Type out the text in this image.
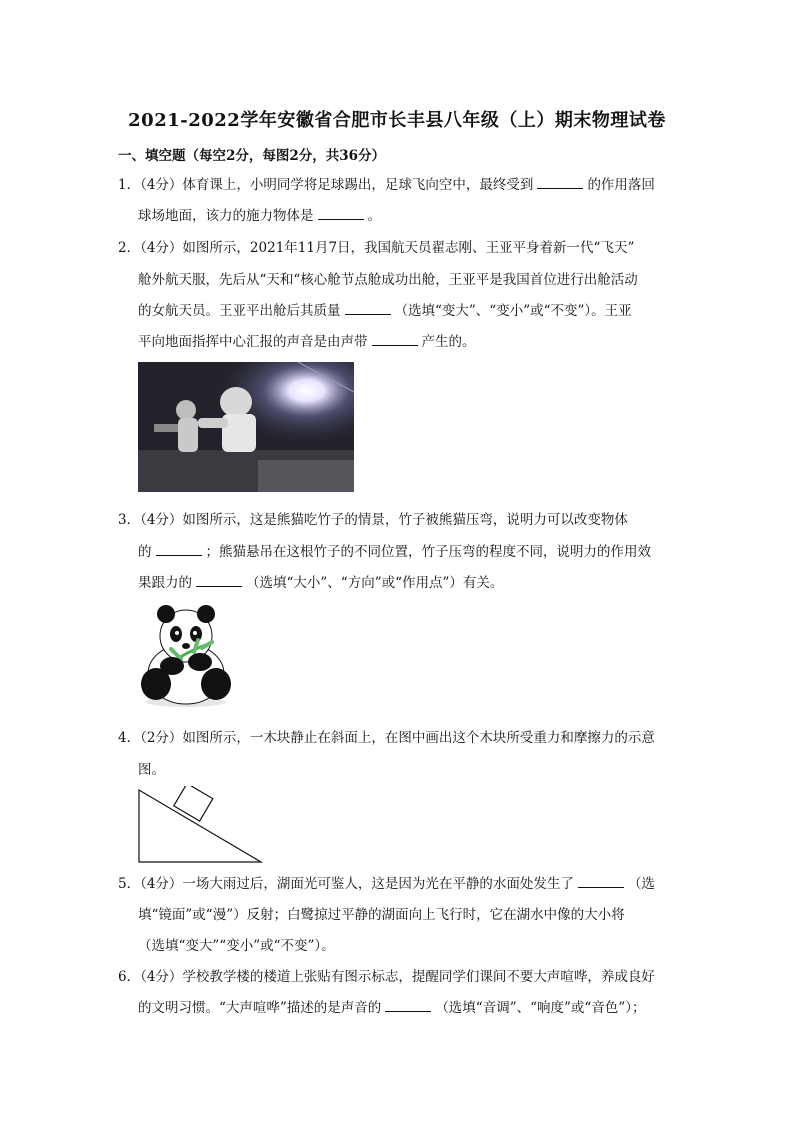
2021-2022学年安徽省合肥市长丰县八年级（上）期末物理试卷
一、填空题（每空2分，每图2分，共36分）
1．（4分）体育课上，小明同学将足球踢出，足球飞向空中，最终受到	的作用落回
球场地面，该力的施力物体是	。
2．（4分）如图所示，2021年11月7日，我国航天员翟志刚、王亚平身着新一代“飞天”
舱外航天服，先后从“天和“核心舱节点舱成功出舱，王亚平是我国首位进行出舱活动
的女航天员。王亚平出舱后其质量	（选填“变大”、“变小”或“不变”）。王亚
平向地面指挥中心汇报的声音是由声带	产生的。
3．（4分）如图所示，这是熊猫吃竹子的情景，竹子被熊猫压弯，说明力可以改变物体
的	；熊猫悬吊在这根竹子的不同位置，竹子压弯的程度不同，说明力的作用效
果跟力的	（选填“大小”、“方向”或“作用点”）有关。
4．（2分）如图所示，一木块静止在斜面上，在图中画出这个木块所受重力和摩擦力的示意
图。
5．（4分）一场大雨过后，湖面光可鉴人，这是因为光在平静的水面处发生了	（选
填“镜面”或“漫”）反射；白鹭掠过平静的湖面向上飞行时，它在湖水中像的大小将
（选填“变大”“变小”或“不变”）。
6．（4分）学校教学楼的楼道上张贴有图示标志，提醒同学们课间不要大声喧哗，养成良好
的文明习惯。“大声喧哗”描述的是声音的	（选填“音调”、“响度”或“音色”）；
